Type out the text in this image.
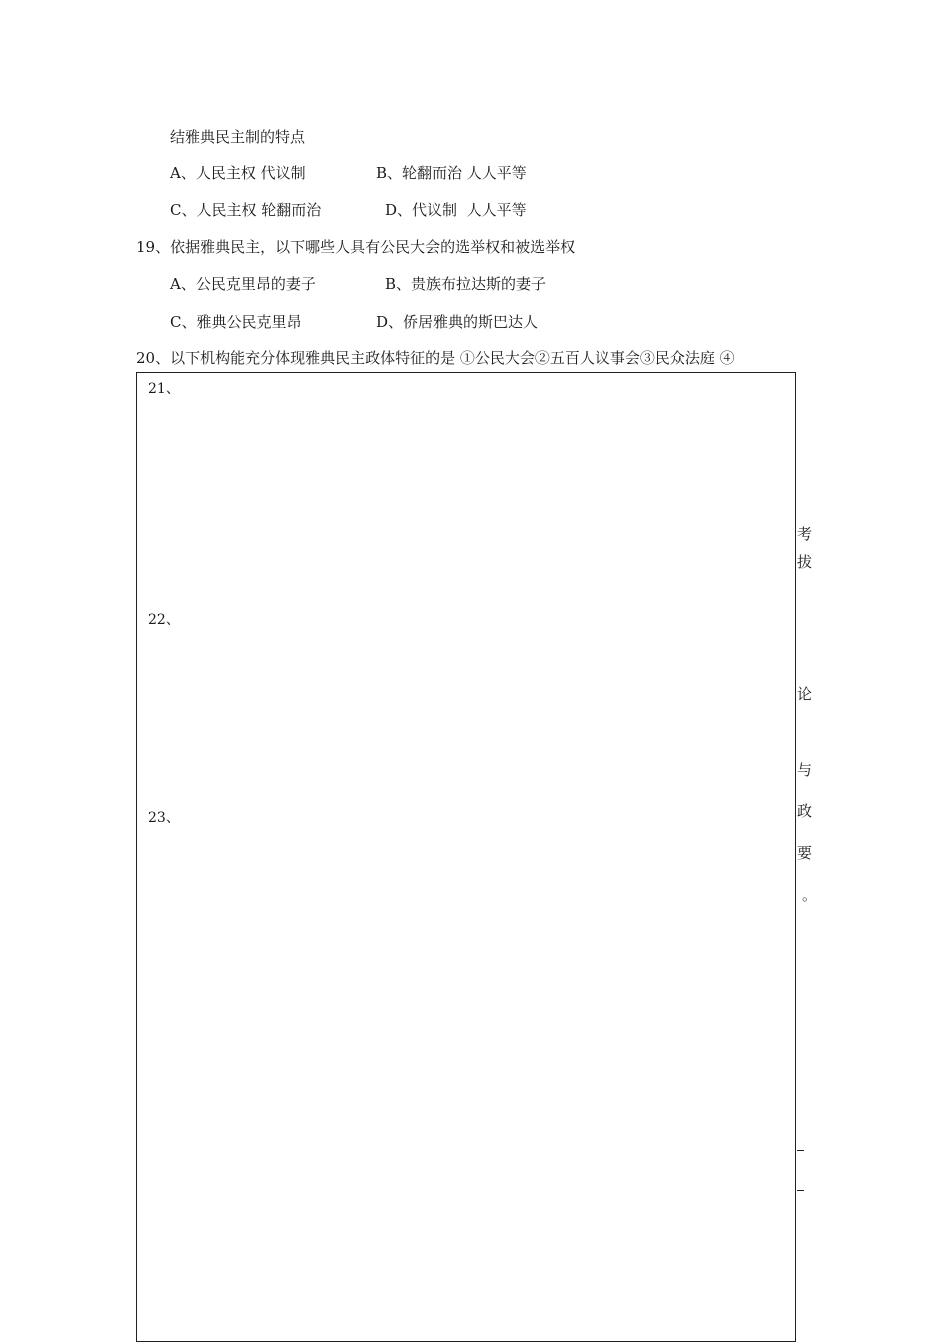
结雅典民主制的特点
A、人民主权 代议制	B、轮翻而治 人人平等
C、人民主权 轮翻而治	D、代议制  人人平等
19、依据雅典民主，以下哪些人具有公民大会的选举权和被选举权
A、公民克里昂的妻子	B、贵族布拉达斯的妻子
C、雅典公民克里昂	D、侨居雅典的斯巴达人
20、以下机构能充分体现雅典民主政体特征的是 ①公民大会②五百人议事会③民众法庭 ④
21、
22、
23、
考
拔
论
与
政
要
。
